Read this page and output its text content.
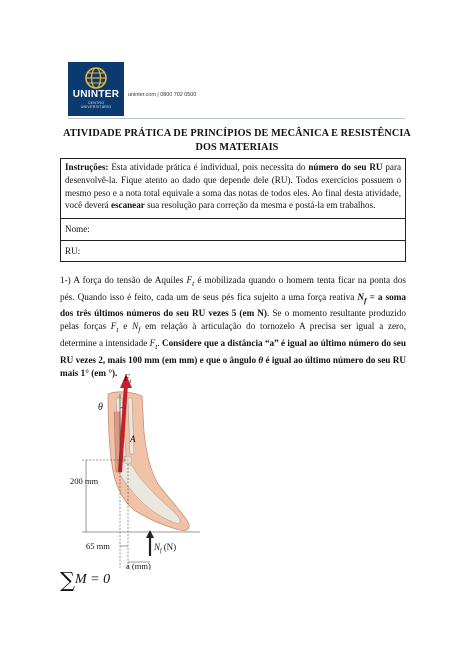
UNINTER
CENTRO
UNIVERSITÁRIO
uninter.com | 0800 702 0500
ATIVIDADE PRÁTICA DE PRINCÍPIOS DE MECÂNICA E RESISTÊNCIA
DOS MATERIAIS
Instruções: Esta atividade prática é individual, pois necessita do número do seu RU para desenvolvê-la. Fique atento ao dado que depende dele (RU). Todos exercícios possuem o mesmo peso e a nota total equivale a soma das notas de todos eles. Ao final desta atividade, você deverá escanear sua resolução para correção da mesma e postá-la em trabalhos.
Nome:
RU:
1-) A força do tensão de Aquiles $F_t$ é mobilizada quando o homem tenta ficar na ponta dos pés. Quando isso é feito, cada um de seus pés fica sujeito a uma força reativa $N_f = a$ soma dos três últimos números do seu RU vezes 5 (em N). Se o momento resultante produzido pelas forças $F_t$ e $N_f$ em relação à articulação do tornozelo A precisa ser igual a zero, determine a intensidade $F_t$. Considere que a distância “a” é igual ao último número do seu RU vezes 2, mais 100 mm (em mm) e que o ângulo θ é igual ao último número do seu RU mais 1° (em °).
θ
$F_t$
A
200 mm
$N_f$ (N)
65 mm
a (mm)
∑M = 0
